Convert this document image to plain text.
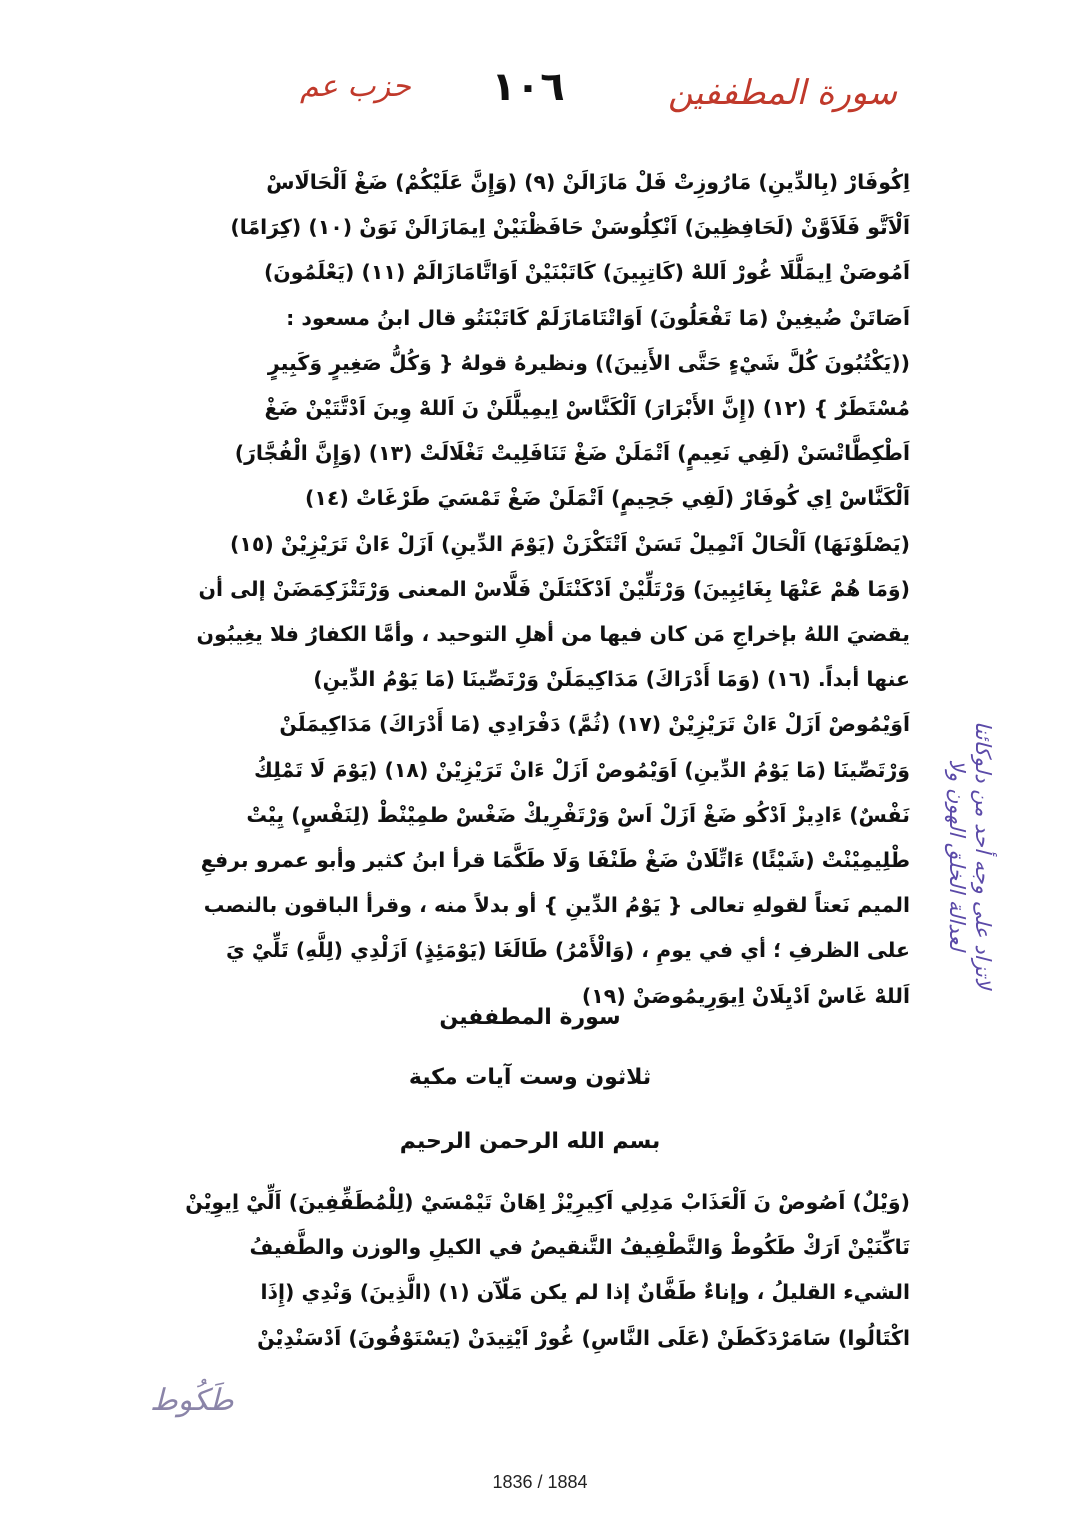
سورة المطففين
١٠٦
حزب عم

اِكُوفَارْ (بِالدِّينِ) مَارُوزِتْ فَلْ مَازَالَنْ (٩) (وَإِنَّ عَلَيْكُمْ) ضَغْ اَلْحَالَاسْ

اَلْاَتَّو فَلَاَوَّنْ (لَحَافِظِينَ) اَنْكِلُوسَنْ حَافَظْنَيْنْ اِيمَازَالَنْ نَوَنْ (١٠) (كِرَامًا)

اَمُوصَنْ اِيمَلَّلَا غُورْ اَللهْ (كَاتِبِينَ) كَاتَبْنَيْنْ اَوَاتَّامَازَالَمْ (١١) (يَعْلَمُونَ)

اَصَاتَنْ ضُيغِينْ (مَا تَفْعَلُونَ) اَوَاتْتَامَازَلَمْ كَاتَبْنَتُو قال ابنُ مسعود :

((يَكْتُبُونَ كُلَّ شَيْءٍ حَتَّى الأَنِينَ)) ونظيرهُ قولهُ { وَكُلُّ صَغِيرٍ وَكَبِيرٍ

مُسْتَطَرٌ } (١٢) (إِنَّ الأَبْرَارَ) اَلْكَنَّاسْ اِيمِيلَّلَنْ نَ اَللهْ وِينَ اَدْتَّتَيْنْ ضَغْ

اَطْكِطَّاتْسَنْ (لَفِي نَعِيمٍ) اَتْمَلَنْ ضَغْ تَنَافَلِيتْ تَغْلَالَتْ (١٣) (وَإِنَّ الْفُجَّارَ)

اَلْكَنَّاسْ اِي كُوفَارْ (لَفِي جَحِيمٍ) اَتْمَلَنْ ضَغْ تَمْسَيَ طَرْغَاتْ (١٤)

(يَصْلَوْنَهَا) اَلْحَالْ اَنْمِيلْ تَسَنْ اَتْتَكْزَنْ (يَوْمَ الدِّينِ) اَزَلْ ءَانْ تَرَيْزِيْنْ (١٥)

(وَمَا هُمْ عَنْهَا بِغَائِبِينَ) وَرْتَلِّيْنْ اَدْكَنْتَلَنْ فَلَّاسْ المعنى وَرْتَتْزَكِمَضَنْ إلى أن

يقضيَ اللهُ بإخراجِ مَن كان فيها من أهلِ التوحيد ، وأمَّا الكفارُ فلا يغِيبُون

عنها أبداً. (١٦) (وَمَا أَدْرَاكَ) مَدَاكِيمَلَنْ وَرْتَصِّينَا (مَا يَوْمُ الدِّينِ)

اَوَيْمُوصْ اَزَلْ ءَانْ تَرَيْزِيْنْ (١٧) (ثُمَّ) دَفْرَادِي (مَا أَدْرَاكَ) مَدَاكِيمَلَنْ

وَرْتَصِّينَا (مَا يَوْمُ الدِّينِ) اَوَيْمُوصْ اَزَلْ ءَانْ تَرَيْزِيْنْ (١٨) (يَوْمَ لَا تَمْلِكُ

نَفْسٌ) ءَادِيزْ اَدْكُو ضَغْ اَزَلْ اَسْ وَرْتَفْرِيكْ ضَغْسْ طمِيْنْطْ (لِنَفْسٍ) يِيْتْ

طْلِيمِيْنْتْ (شَيْئًا) ءَاتِّلَانْ ضَغْ طَنْفَا وَلَا طَكَّمَا قرأ ابنُ كثير وأبو عمرو برفعِ

الميم نَعتاً لقولهِ تعالى { يَوْمُ الدِّينِ } أو بدلاً منه ، وقرأ الباقون بالنصب

على الظرفِ ؛ أي في يومِ ، (وَالْأَمْرُ) طَالَغَا (يَوْمَئِذٍ) اَزَلْدِي (لِلَّهِ) تَلِّيْ يَ

اَللهْ غَاسْ اَدْيِلَانْ اِيوَرِيمُوصَنْ (١٩)

لاتزاد علی وجه أحد من دلوکائنا
لعدالة الخلق الهون ولا
سورة المطففين
ثلاثون وست آيات مكية
بسم الله الرحمن الرحيم

(وَيْلٌ) اَصُوصْ نَ اَلْعَذَابْ مَدِلِي اَكِيرِيْزْ اِهَانْ تَيْمْسَيْ (لِلْمُطَفِّفِينَ) اَلِّيْ اِيوِيْنْ

تَاكِّنَيْنْ اَرَكْ طَكُوطْ وَالتَّطْفِيفُ التَّنقيصُ في الكيلِ والوزن والطَّفيفُ

الشيء القليلُ ، وإناءٌ طَفَّانٌ إذا لم يكن مَلّآن (١) (الَّذِينَ) وَنْدِي (إِذَا

اكْتَالُوا) سَامَرْدَكَطَنْ (عَلَى النَّاسِ) غُورْ اَيْتِيدَنْ (يَسْتَوْفُونَ) اَدْسَنْدِيْنْ

طَكُوط
1836 / 1884
